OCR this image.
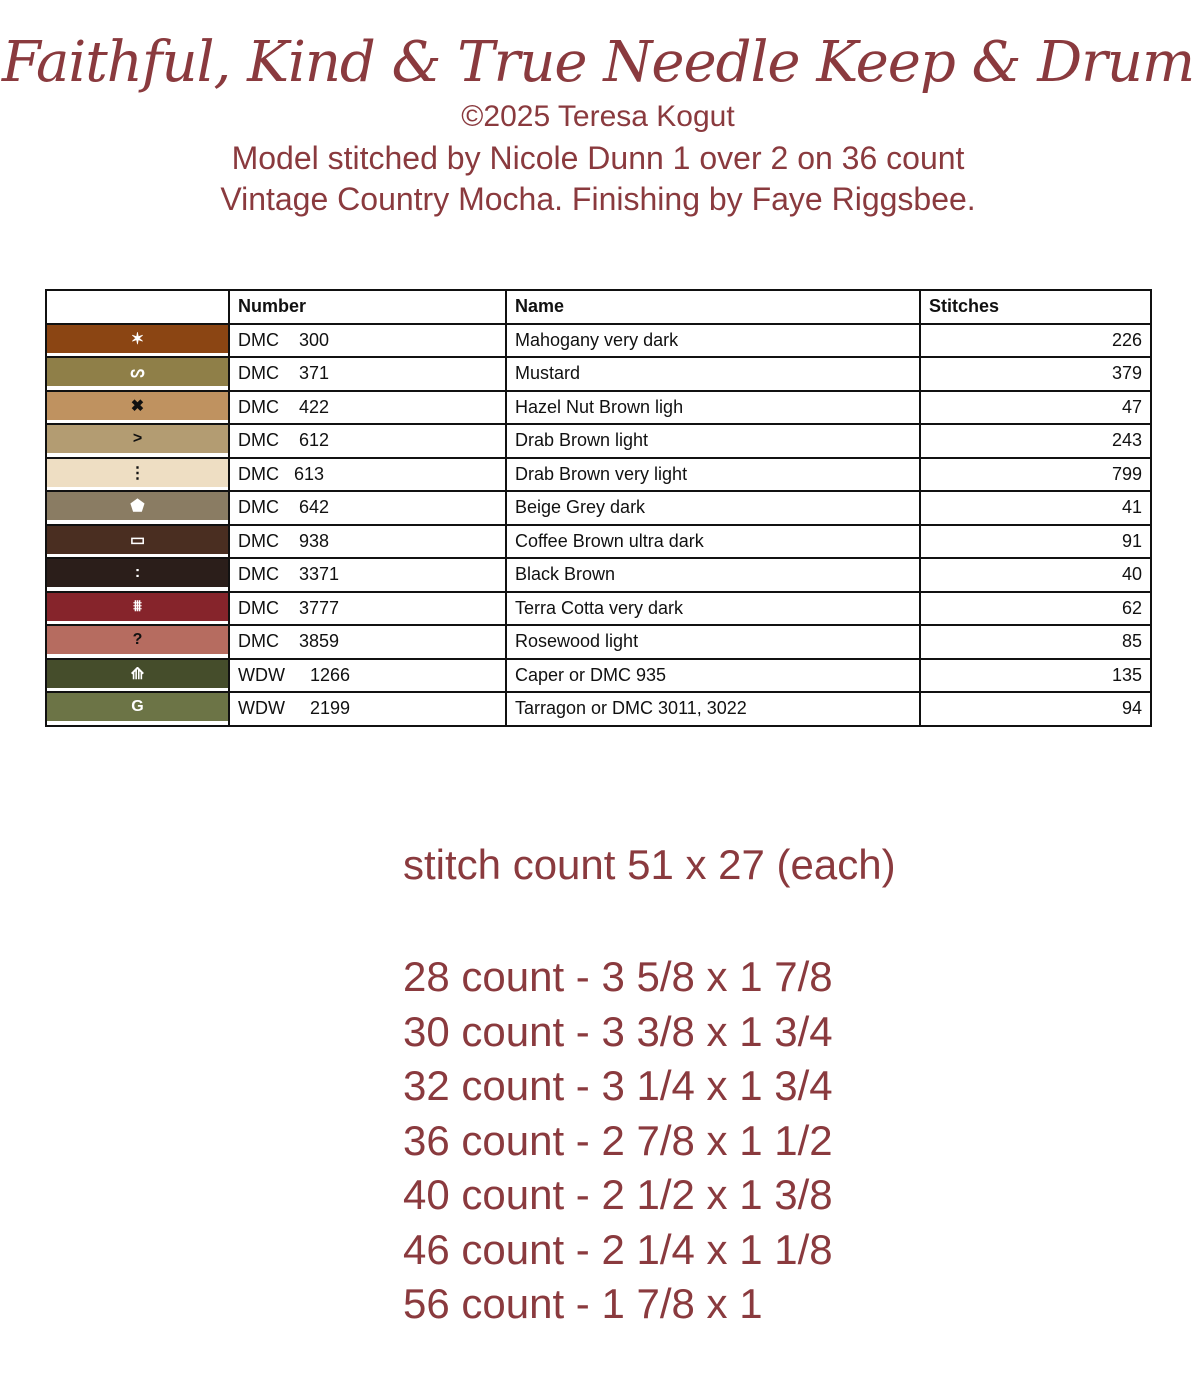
Faithful, Kind & True Needle Keep & Drum
©2025 Teresa Kogut
Model stitched by Nicole Dunn 1 over 2 on 36 count
Vintage Country Mocha. Finishing by Faye Riggsbee.
	Number	Name	Stitches

✶	DMC    300	Mahogany very dark	226

ᔕ	DMC    371	Mustard	379

✖	DMC    422	Hazel Nut Brown ligh	47

>	DMC    612	Drab Brown light	243

⋮	DMC   613	Drab Brown very light	799

⬟	DMC    642	Beige Grey dark	41

▭	DMC    938	Coffee Brown ultra dark	91

:	DMC    3371	Black Brown	40

⩩	DMC    3777	Terra Cotta very dark	62

?	DMC    3859	Rosewood light	85

⟰	WDW     1266	Caper or DMC 935	135

G	WDW     2199	Tarragon or DMC 3011, 3022	94
stitch count 51 x 27 (each)
28 count - 3 5/8 x 1 7/8
30 count - 3 3/8 x 1 3/4
32 count - 3 1/4 x 1 3/4
36 count - 2 7/8 x 1 1/2
40 count - 2 1/2 x 1 3/8
46 count - 2 1/4 x 1 1/8
56 count - 1 7/8 x 1
